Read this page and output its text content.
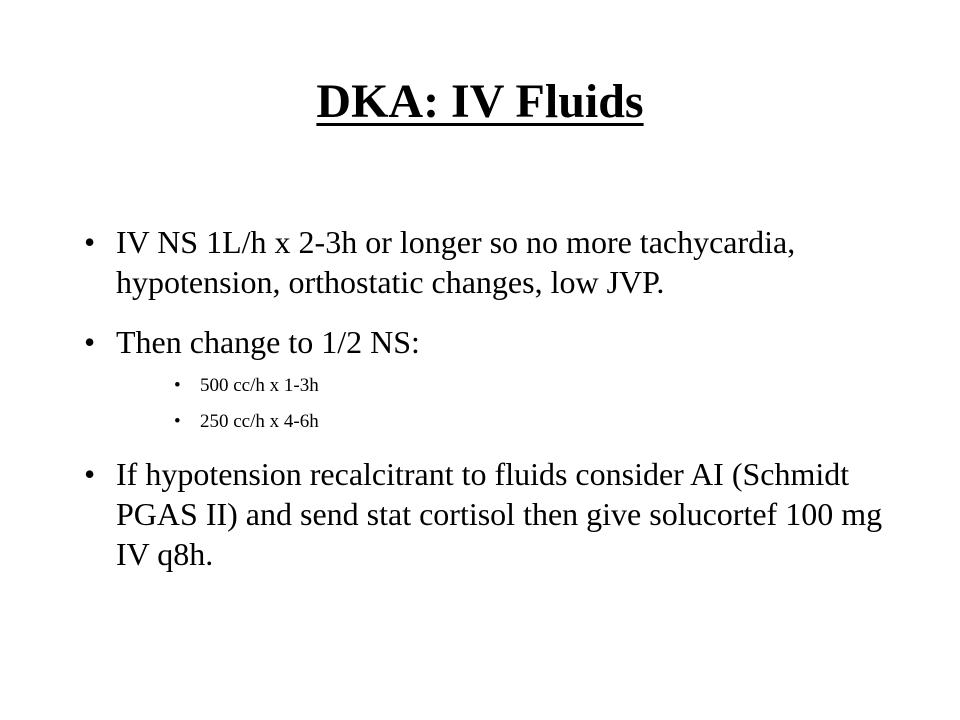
DKA: IV Fluids
• IV NS 1L/h x 2-3h or longer so no more tachycardia, hypotension, orthostatic changes, low JVP.
• Then change to 1/2 NS:
• 500 cc/h x 1-3h
• 250 cc/h x 4-6h
• If hypotension recalcitrant to fluids consider AI (Schmidt PGAS II) and send stat cortisol then give solucortef 100 mg IV q8h.
